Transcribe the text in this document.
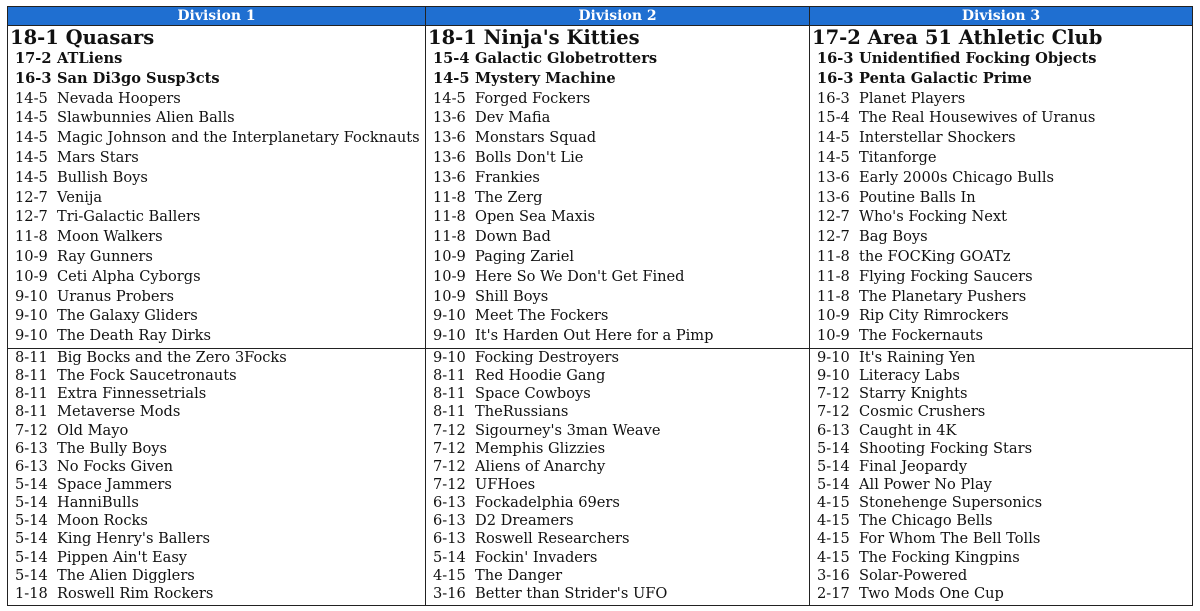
Division 1
18-1 Quasars
17-2 ATLiens
16-3 San Di3go Susp3cts
14-5 Nevada Hoopers
14-5 Slawbunnies Alien Balls
14-5 Magic Johnson and the Interplanetary Focknauts
14-5 Mars Stars
14-5 Bullish Boys
12-7 Venija
12-7 Tri-Galactic Ballers
11-8 Moon Walkers
10-9 Ray Gunners
10-9 Ceti Alpha Cyborgs
9-10 Uranus Probers
9-10 The Galaxy Gliders
9-10 The Death Ray Dirks
8-11 Big Bocks and the Zero 3Focks
8-11 The Fock Saucetronauts
8-11 Extra Finnessetrials
8-11 Metaverse Mods
7-12 Old Mayo
6-13 The Bully Boys
6-13 No Focks Given
5-14 Space Jammers
5-14 HanniBulls
5-14 Moon Rocks
5-14 King Henry's Ballers
5-14 Pippen Ain't Easy
5-14 The Alien Digglers
1-18 Roswell Rim Rockers
Division 2
18-1 Ninja's Kitties
15-4 Galactic Globetrotters
14-5 Mystery Machine
14-5 Forged Fockers
13-6 Dev Mafia
13-6 Monstars Squad
13-6 Bolls Don't Lie
13-6 Frankies
11-8 The Zerg
11-8 Open Sea Maxis
11-8 Down Bad
10-9 Paging Zariel
10-9 Here So We Don't Get Fined
10-9 Shill Boys
9-10 Meet The Fockers
9-10 It's Harden Out Here for a Pimp
9-10 Focking Destroyers
8-11 Red Hoodie Gang
8-11 Space Cowboys
8-11 TheRussians
7-12 Sigourney's 3man Weave
7-12 Memphis Glizzies
7-12 Aliens of Anarchy
7-12 UFHoes
6-13 Fockadelphia 69ers
6-13 D2 Dreamers
6-13 Roswell Researchers
5-14 Fockin' Invaders
4-15 The Danger
3-16 Better than Strider's UFO
Division 3
17-2 Area 51 Athletic Club
16-3 Unidentified Focking Objects
16-3 Penta Galactic Prime
16-3 Planet Players
15-4 The Real Housewives of Uranus
14-5 Interstellar Shockers
14-5 Titanforge
13-6 Early 2000s Chicago Bulls
13-6 Poutine Balls In
12-7 Who's Focking Next
12-7 Bag Boys
11-8 the FOCKing GOATz
11-8 Flying Focking Saucers
11-8 The Planetary Pushers
10-9 Rip City Rimrockers
10-9 The Fockernauts
9-10 It's Raining Yen
9-10 Literacy Labs
7-12 Starry Knights
7-12 Cosmic Crushers
6-13 Caught in 4K
5-14 Shooting Focking Stars
5-14 Final Jeopardy
5-14 All Power No Play
4-15 Stonehenge Supersonics
4-15 The Chicago Bells
4-15 For Whom The Bell Tolls
4-15 The Focking Kingpins
3-16 Solar-Powered
2-17 Two Mods One Cup
